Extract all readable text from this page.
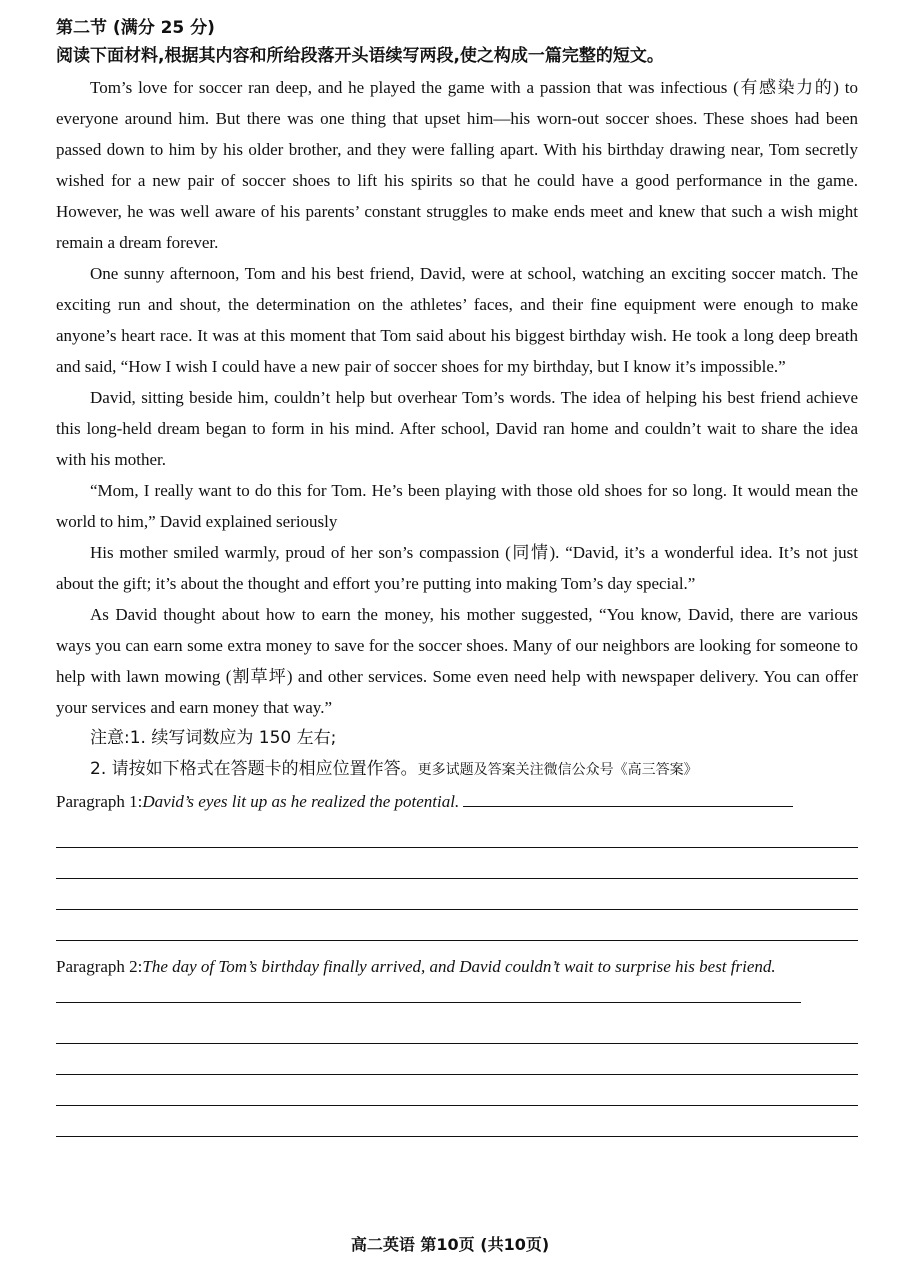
第二节 (满分 25 分)

阅读下面材料,根据其内容和所给段落开头语续写两段,使之构成一篇完整的短文。

Tom’s love for soccer ran deep, and he played the game with a passion that was infectious (有感染力的) to everyone around him. But there was one thing that upset him—his worn-out soccer shoes. These shoes had been passed down to him by his older brother, and they were falling apart. With his birthday drawing near, Tom secretly wished for a new pair of soccer shoes to lift his spirits so that he could have a good performance in the game. However, he was well aware of his parents’ constant struggles to make ends meet and knew that such a wish might remain a dream forever.

One sunny afternoon, Tom and his best friend, David, were at school, watching an exciting soccer match. The exciting run and shout, the determination on the athletes’ faces, and their fine equipment were enough to make anyone’s heart race. It was at this moment that Tom said about his biggest birthday wish. He took a long deep breath and said, “How I wish I could have a new pair of soccer shoes for my birthday, but I know it’s impossible.”

David, sitting beside him, couldn’t help but overhear Tom’s words. The idea of helping his best friend achieve this long-held dream began to form in his mind. After school, David ran home and couldn’t wait to share the idea with his mother.

“Mom, I really want to do this for Tom. He’s been playing with those old shoes for so long. It would mean the world to him,” David explained seriously

His mother smiled warmly, proud of her son’s compassion (同情). “David, it’s a wonderful idea. It’s not just about the gift; it’s about the thought and effort you’re putting into making Tom’s day special.”

As David thought about how to earn the money, his mother suggested, “You know, David, there are various ways you can earn some extra money to save for the soccer shoes. Many of our neighbors are looking for someone to help with lawn mowing (割草坪) and other services. Some even need help with newspaper delivery. You can offer your services and earn money that way.”

注意:1. 续写词数应为 150 左右;

2. 请按如下格式在答题卡的相应位置作答。更多试题及答案关注微信公众号《高三答案》

Paragraph 1:David’s eyes lit up as he realized the potential.

Paragraph 2:The day of Tom’s birthday finally arrived, and David couldn’t wait to surprise his best friend.

高二英语 第10页 (共10页)
